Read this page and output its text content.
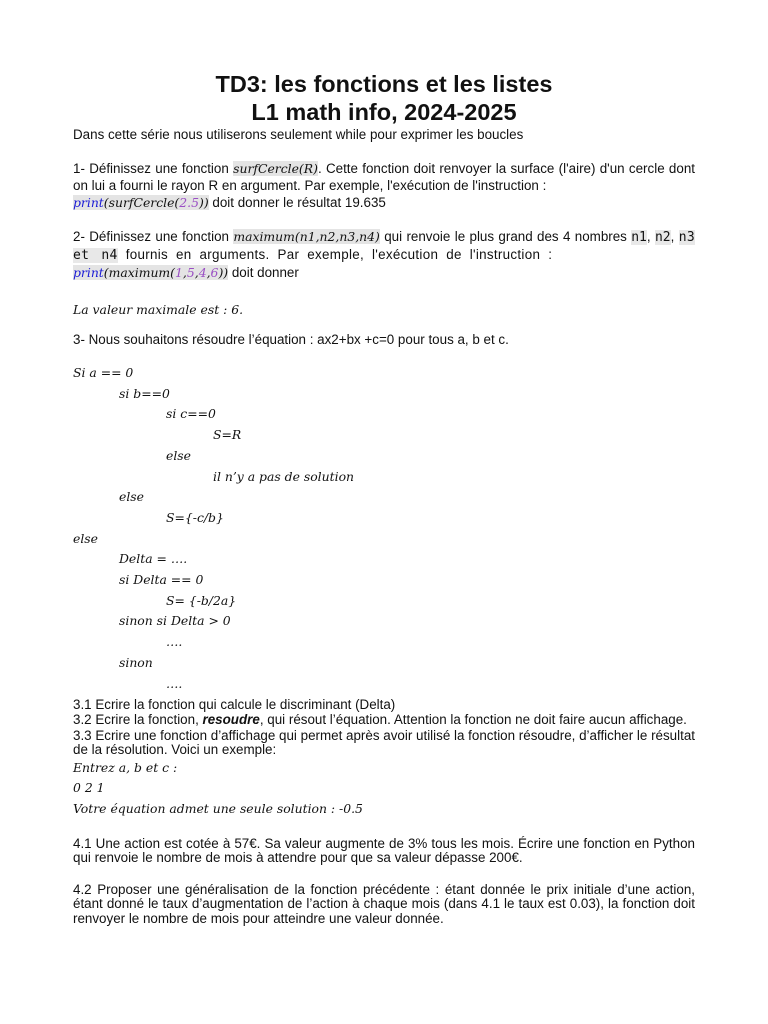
TD3: les fonctions et les listes
L1 math info, 2024-2025

Dans cette série nous utiliserons seulement while pour exprimer les boucles

1- Définissez une fonction surfCercle(R). Cette fonction doit renvoyer la surface (l'aire) d'un cercle dont on lui a fourni le rayon R en argument. Par exemple, l'exécution de l'instruction :

print(surfCercle(2.5)) doit donner le résultat 19.635

2- Définissez une fonction maximum(n1,n2,n3,n4) qui renvoie le plus grand des 4 nombres n1, n2, n3 et n4 fournis en arguments. Par exemple, l'exécution de l'instruction :

print(maximum(1,5,4,6)) doit donner

La valeur maximale est : 6.

3- Nous souhaitons résoudre l’équation : ax2+bx +c=0 pour tous a, b et c.

Si a == 0

si b==0

si c==0

S=R

else

il n’y a pas de solution

else

S={-c/b}

else

Delta = ….

si Delta == 0

S= {-b/2a}

sinon si Delta > 0

….

sinon

….

3.1 Ecrire la fonction qui calcule le discriminant (Delta)

3.2 Ecrire la fonction, resoudre, qui résout l’équation. Attention la fonction ne doit faire aucun affichage.

3.3 Ecrire une fonction d’affichage qui permet après avoir utilisé la fonction résoudre, d’afficher le résultat de la résolution. Voici un exemple:

Entrez a, b et c :

0 2 1

Votre équation admet une seule solution : -0.5

4.1 Une action est cotée à 57€. Sa valeur augmente de 3% tous les mois. Écrire une fonction en Python qui renvoie le nombre de mois à attendre pour que sa valeur dépasse 200€.

4.2 Proposer une généralisation de la fonction précédente : étant donnée le prix initiale d’une action, étant donné le taux d’augmentation de l’action à chaque mois (dans 4.1 le taux est 0.03), la fonction doit renvoyer le nombre de mois pour atteindre une valeur donnée.
